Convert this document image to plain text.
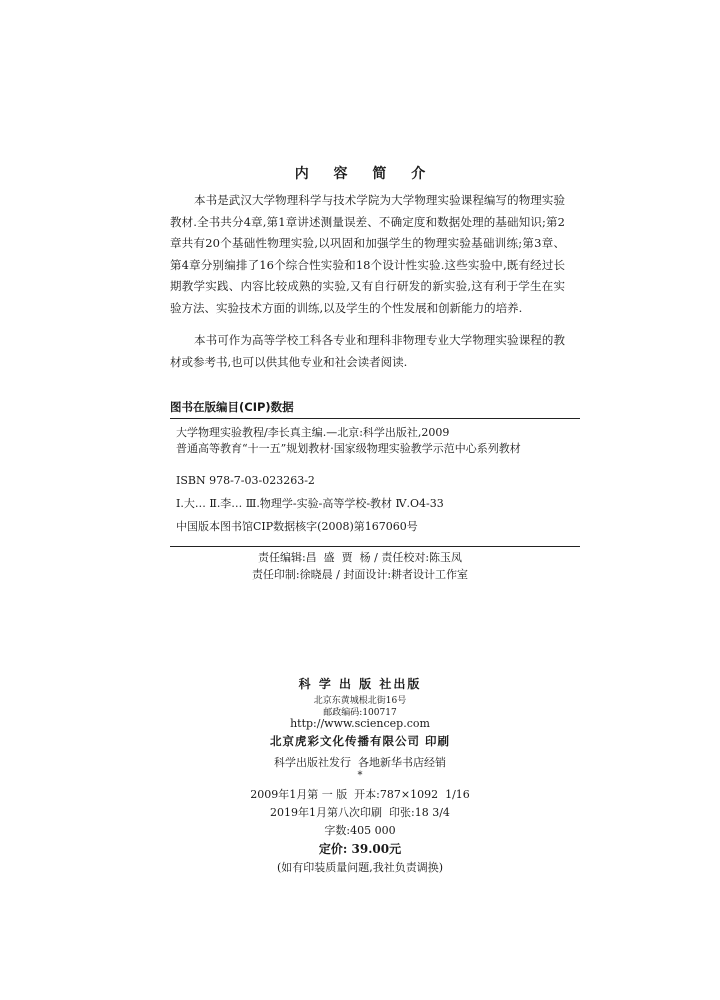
内 容 简 介

本书是武汉大学物理科学与技术学院为大学物理实验课程编写的物理实验教材.全书共分4章,第1章讲述测量误差、不确定度和数据处理的基础知识;第2章共有20个基础性物理实验,以巩固和加强学生的物理实验基础训练;第3章、第4章分别编排了16个综合性实验和18个设计性实验.这些实验中,既有经过长期教学实践、内容比较成熟的实验,又有自行研发的新实验,这有利于学生在实验方法、实验技术方面的训练,以及学生的个性发展和创新能力的培养.

本书可作为高等学校工科各专业和理科非物理专业大学物理实验课程的教材或参考书,也可以供其他专业和社会读者阅读.

图书在版编目(CIP)数据
大学物理实验教程/李长真主编.—北京:科学出版社,2009
普通高等教育“十一五”规划教材·国家级物理实验教学示范中心系列教材
ISBN 978-7-03-023263-2
Ⅰ.大… Ⅱ.李… Ⅲ.物理学-实验-高等学校-教材 Ⅳ.O4-33
中国版本图书馆CIP数据核字(2008)第167060号
责任编辑:昌  盛  贾  杨 / 责任校对:陈玉凤
责任印制:徐晓晨 / 封面设计:耕者设计工作室
科 学 出 版 社出版
北京东黄城根北街16号
邮政编码:100717
http://www.sciencep.com
北京虎彩文化传播有限公司 印刷
科学出版社发行  各地新华书店经销
*
2009年1月第 一 版  开本:787×1092  1/16
2019年1月第八次印刷  印张:18 3/4
字数:405 000
定价: 39.00元
(如有印装质量问题,我社负责调换)
